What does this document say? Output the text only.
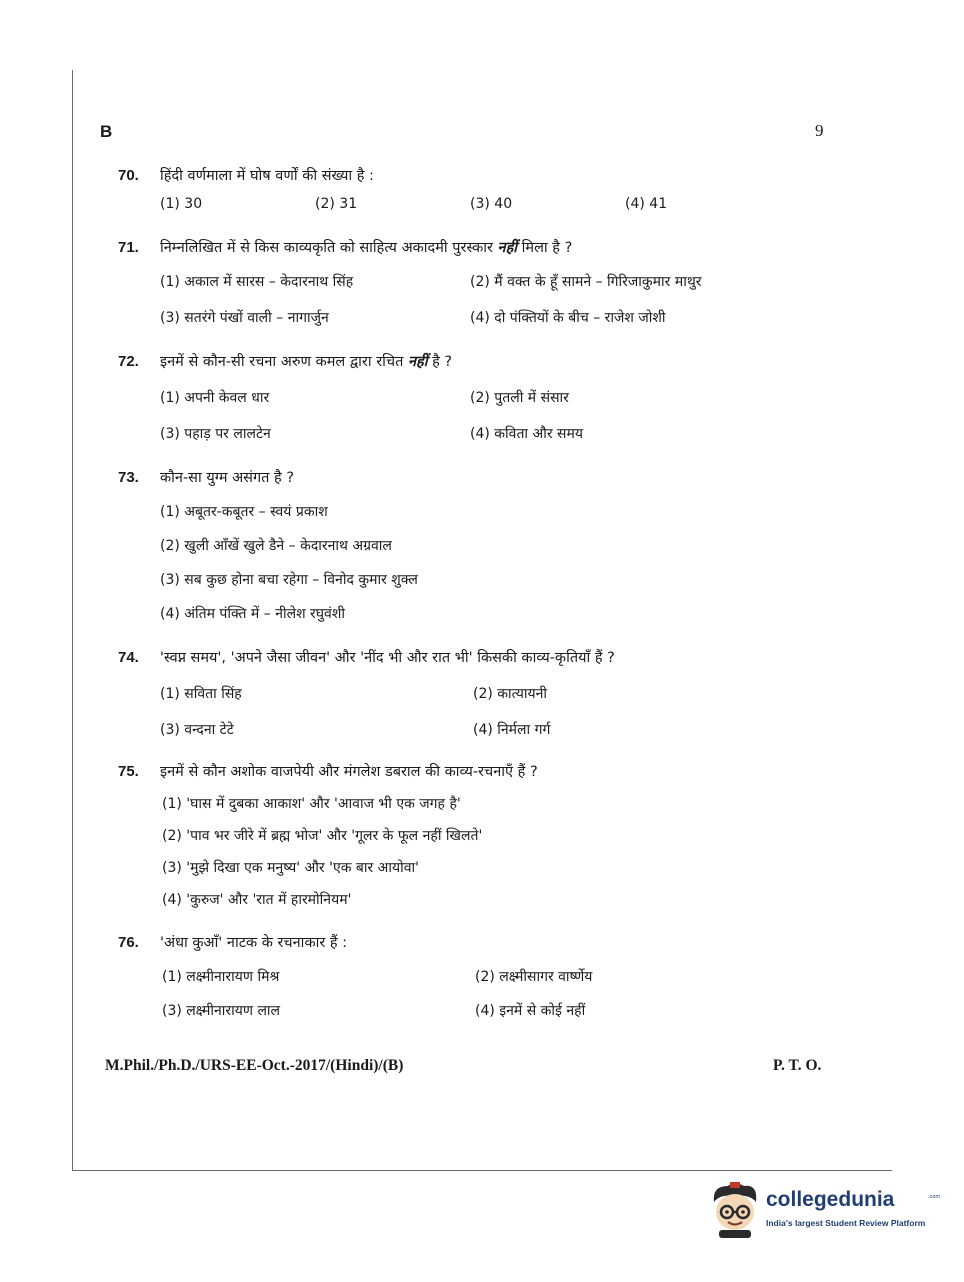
B	9
70.	हिंदी वर्णमाला में घोष वर्णों की संख्या है :
(1) 30	(2) 31	(3) 40	(4) 41
71.	निम्नलिखित में से किस काव्यकृति को साहित्य अकादमी पुरस्कार नहीं मिला है ?
(1) अकाल में सारस – केदारनाथ सिंह	(2) मैं वक्त के हूँ सामने – गिरिजाकुमार माथुर
(3) सतरंगे पंखों वाली – नागार्जुन	(4) दो पंक्तियों के बीच – राजेश जोशी
72.	इनमें से कौन-सी रचना अरुण कमल द्वारा रचित नहीं है ?
(1) अपनी केवल धार	(2) पुतली में संसार
(3) पहाड़ पर लालटेन	(4) कविता और समय
73.	कौन-सा युग्म असंगत है ?
(1) अबूतर-कबूतर – स्वयं प्रकाश
(2) खुली आँखें खुले डैने – केदारनाथ अग्रवाल
(3) सब कुछ होना बचा रहेगा – विनोद कुमार शुक्ल
(4) अंतिम पंक्ति में – नीलेश रघुवंशी
74.	'स्वप्न समय', 'अपने जैसा जीवन' और 'नींद भी और रात भी' किसकी काव्य-कृतियाँ हैं ?
(1) सविता सिंह	(2) कात्यायनी
(3) वन्दना टेटे	(4) निर्मला गर्ग
75.	इनमें से कौन अशोक वाजपेयी और मंगलेश डबराल की काव्य-रचनाएँ हैं ?
(1) 'घास में दुबका आकाश' और 'आवाज भी एक जगह है'
(2) 'पाव भर जीरे में ब्रह्म भोज' और 'गूलर के फूल नहीं खिलते'
(3) 'मुझे दिखा एक मनुष्य' और 'एक बार आयोवा'
(4) 'कुरुज' और 'रात में हारमोनियम'
76.	'अंधा कुआँ' नाटक के रचनाकार हैं :
(1) लक्ष्मीनारायण मिश्र	(2) लक्ष्मीसागर वार्ष्णेय
(3) लक्ष्मीनारायण लाल	(4) इनमें से कोई नहीं
M.Phil./Ph.D./URS-EE-Oct.-2017/(Hindi)/(B)	P. T. O.
collegedunia	.com
India's largest Student Review Platform
